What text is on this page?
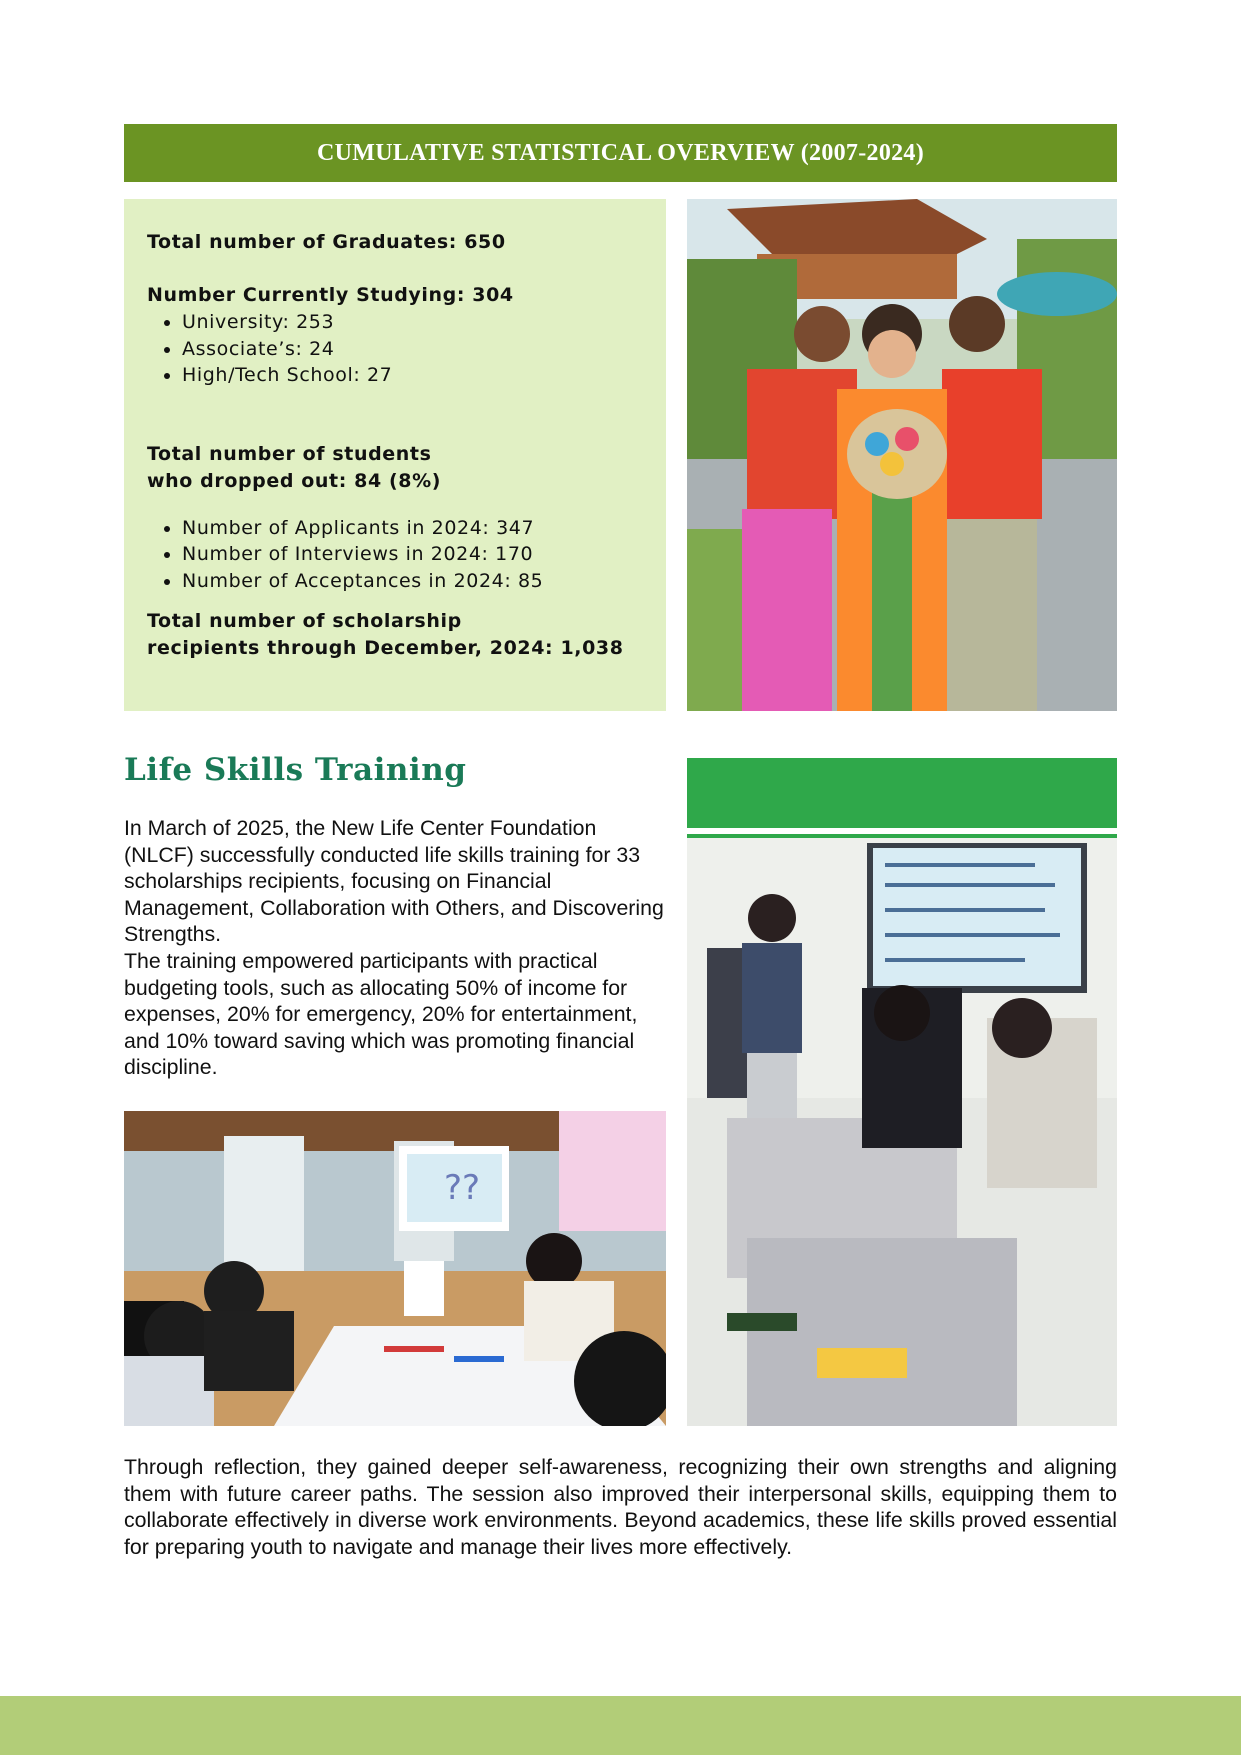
CUMULATIVE STATISTICAL OVERVIEW (2007-2024)

Total number of Graduates: 650

Number Currently Studying: 304

• University: 253
• Associate’s: 24
• High/Tech School: 27

Total number of students
who dropped out: 84 (8%)

• Number of Applicants in 2024: 347
• Number of Interviews in 2024: 170
• Number of Acceptances in 2024: 85

Total number of scholarship
recipients through December, 2024: 1,038

Life Skills Training

In March of 2025, the New Life Center Foundation (NLCF) successfully conducted life skills training for 33 scholarships recipients, focusing on Financial Management, Collaboration with Others, and Discovering Strengths.

The training empowered participants with practical budgeting tools, such as allocating 50% of income for expenses, 20% for emergency, 20% for entertainment, and 10% toward saving which was promoting financial discipline.

??

Through reflection, they gained deeper self-awareness, recognizing their own strengths and aligning them with future career paths. The session also improved their interpersonal skills, equipping them to collaborate effectively in diverse work environments. Beyond academics, these life skills proved essential for preparing youth to navigate and manage their lives more effectively.
